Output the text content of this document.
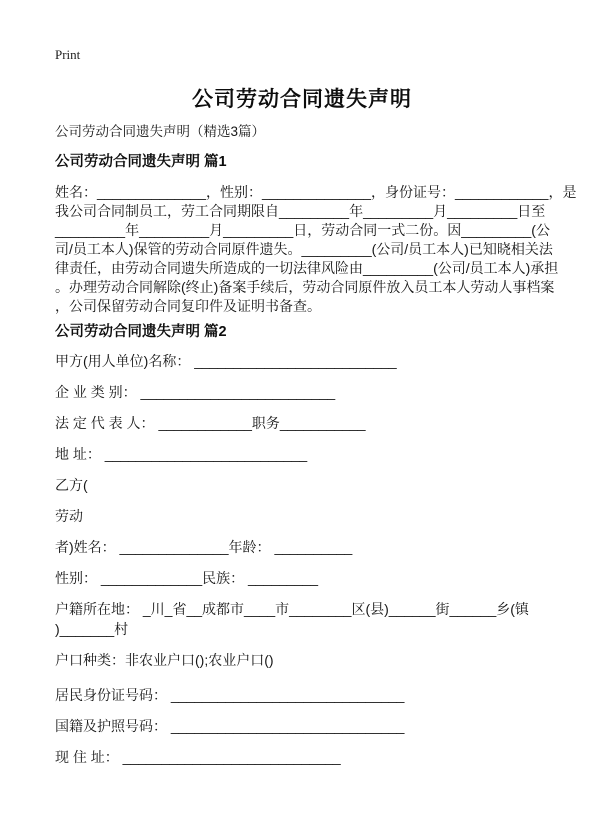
Print
公司劳动合同遗失声明
公司劳动合同遗失声明（精选3篇）
公司劳动合同遗失声明 篇1
姓名：______________，性别：______________，身份证号：____________，是
我公司合同制员工，劳工合同期限自_________年_________月_________日至
_________年_________月_________日，劳动合同一式二份。因_________(公
司/员工本人)保管的劳动合同原件遗失。_________(公司/员工本人)已知晓相关法
律责任，由劳动合同遗失所造成的一切法律风险由_________(公司/员工本人)承担
。办理劳动合同解除(终止)备案手续后，劳动合同原件放入员工本人劳动人事档案
，公司保留劳动合同复印件及证明书备查。
公司劳动合同遗失声明 篇2
甲方(用人单位)名称： __________________________
企 业 类 别： _________________________
法 定 代 表 人： ____________职务___________
地 址： __________________________
乙方(
劳动
者)姓名： ______________年龄： __________
性别： _____________民族： _________
户籍所在地： _川_省__成都市____市________区(县)______街______乡(镇
)_______村
户口种类：非农业户口();农业户口()
居民身份证号码： ______________________________
国籍及护照号码： ______________________________
现 住 址： ____________________________
